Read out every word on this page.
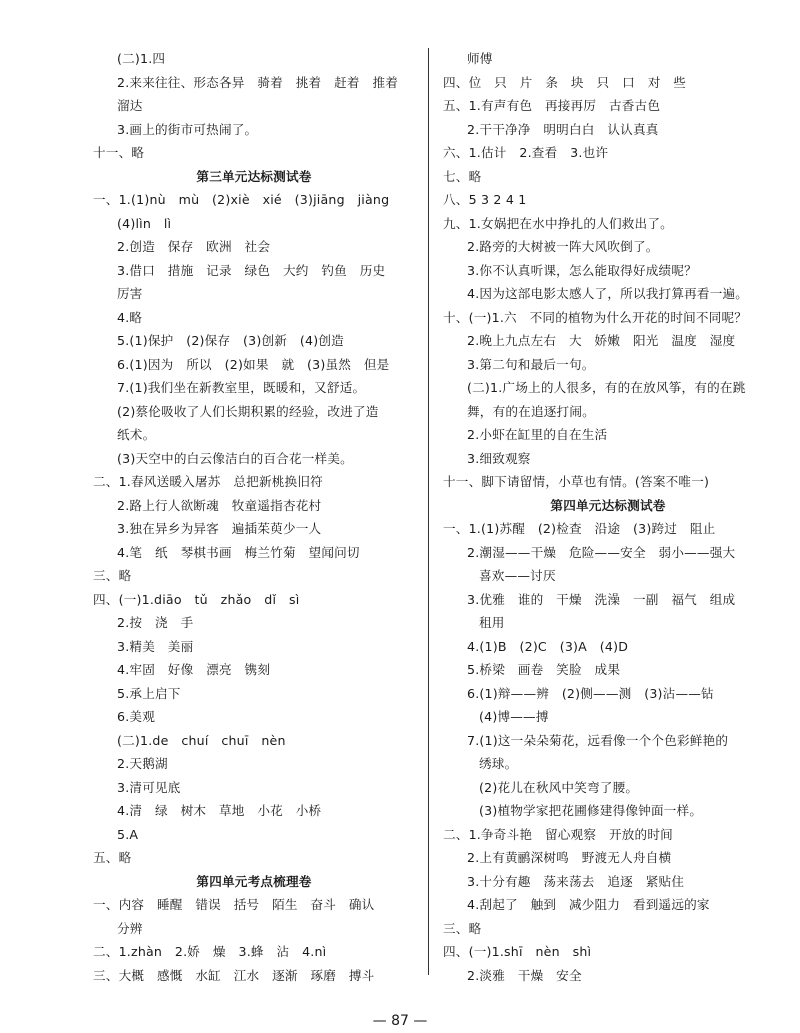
(二)1.四
2.来来往往、形态各异　骑着　挑着　赶着　推着
溜达
3.画上的街市可热闹了。
十一、略
第三单元达标测试卷
一、1.(1)nù　mù　(2)xiè　xié　(3)jiāng　jiàng
(4)lìn　lì
2.创造　保存　欧洲　社会
3.借口　措施　记录　绿色　大约　钓鱼　历史
厉害
4.略
5.(1)保护　(2)保存　(3)创新　(4)创造
6.(1)因为　所以　(2)如果　就　(3)虽然　但是
7.(1)我们坐在新教室里，既暖和，又舒适。
(2)蔡伦吸收了人们长期积累的经验，改进了造
纸术。
(3)天空中的白云像洁白的百合花一样美。
二、1.春风送暖入屠苏　总把新桃换旧符
2.路上行人欲断魂　牧童遥指杏花村
3.独在异乡为异客　遍插茱萸少一人
4.笔　纸　琴棋书画　梅兰竹菊　望闻问切
三、略
四、(一)1.diāo　tǔ　zhǎo　dǐ　sì
2.按　浇　手
3.精美　美丽
4.牢固　好像　漂亮　镌刻
5.承上启下
6.美观
(二)1.de　chuí　chuī　nèn
2.天鹅湖
3.清可见底
4.清　绿　树木　草地　小花　小桥
5.A
五、略
第四单元考点梳理卷
一、内容　睡醒　错误　括号　陌生　奋斗　确认
分辨
二、1.zhàn　2.娇　燥　3.蜂　沾　4.nì
三、大概　感慨　水缸　江水　逐渐　琢磨　搏斗
师傅
四、位　只　片　条　块　只　口　对　些
五、1.有声有色　再接再厉　古香古色
2.干干净净　明明白白　认认真真
六、1.估计　2.查看　3.也许
七、略
八、5 3 2 4 1
九、1.女娲把在水中挣扎的人们救出了。
2.路旁的大树被一阵大风吹倒了。
3.你不认真听课，怎么能取得好成绩呢？
4.因为这部电影太感人了，所以我打算再看一遍。
十、(一)1.六　不同的植物为什么开花的时间不同呢？
2.晚上九点左右　大　娇嫩　阳光　温度　湿度
3.第二句和最后一句。
(二)1.广场上的人很多，有的在放风筝，有的在跳
舞，有的在追逐打闹。
2.小虾在缸里的自在生活
3.细致观察
十一、脚下请留情，小草也有情。(答案不唯一)
第四单元达标测试卷
一、1.(1)苏醒　(2)检查　沿途　(3)跨过　阻止
2.潮湿——干燥　危险——安全　弱小——强大
喜欢——讨厌
3.优雅　谁的　干燥　洗澡　一副　福气　组成
租用
4.(1)B　(2)C　(3)A　(4)D
5.桥梁　画卷　笑脸　成果
6.(1)辩——辨　(2)侧——测　(3)沾——钻
(4)博——搏
7.(1)这一朵朵菊花，远看像一个个色彩鲜艳的
绣球。
(2)花儿在秋风中笑弯了腰。
(3)植物学家把花圃修建得像钟面一样。
二、1.争奇斗艳　留心观察　开放的时间
2.上有黄鹂深树鸣　野渡无人舟自横
3.十分有趣　荡来荡去　追逐　紧贴住
4.刮起了　触到　减少阻力　看到遥远的家
三、略
四、(一)1.shī　nèn　shì
2.淡雅　干燥　安全
— 87 —
